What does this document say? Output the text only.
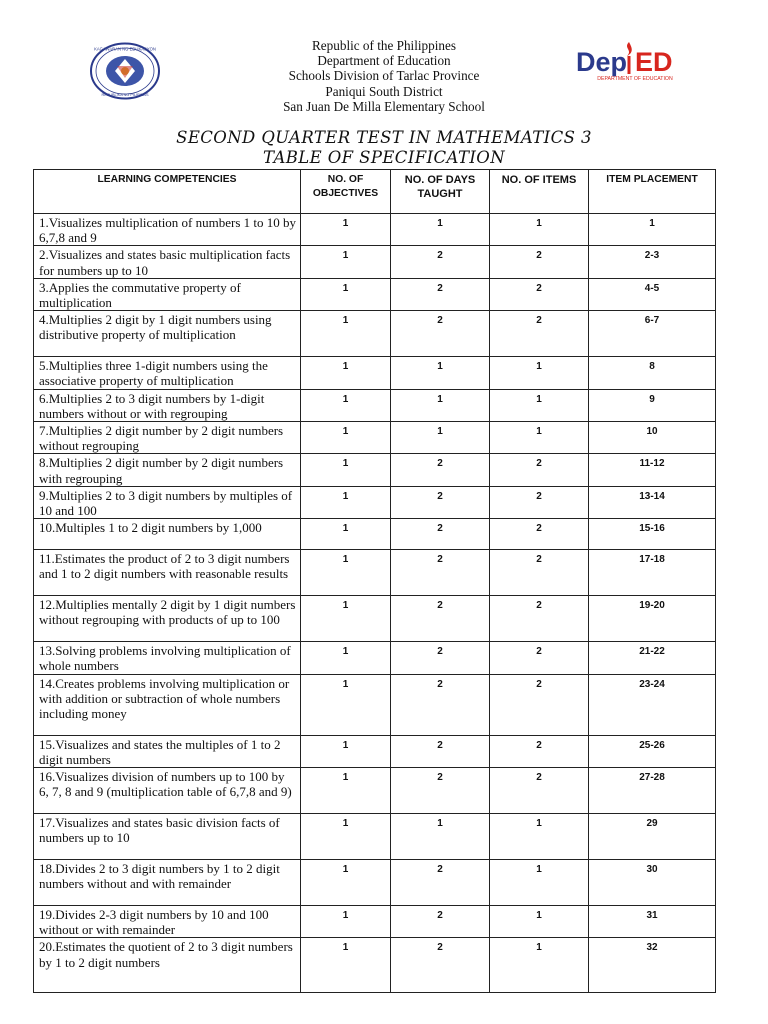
KAGAWARAN NG EDUKASYON
REPUBLIKA NG PILIPINAS
Dep ED
DEPARTMENT OF EDUCATION
Republic of the Philippines
Department of Education
Schools Division of Tarlac Province
Paniqui South District
San Juan De Milla Elementary School
SECOND QUARTER TEST IN MATHEMATICS 3
TABLE OF SPECIFICATION
LEARNING COMPETENCIES	NO. OF OBJECTIVES	NO. OF DAYS TAUGHT	NO. OF ITEMS	ITEM PLACEMENT
1.Visualizes multiplication of numbers 1 to 10 by 6,7,8 and 9	1	1	1	1
2.Visualizes and states basic multiplication facts for numbers up to 10	1	2	2	2-3
3.Applies the commutative property of multiplication	1	2	2	4-5
4.Multiplies 2 digit by 1 digit numbers using distributive property of multiplication	1	2	2	6-7
5.Multiplies three 1-digit numbers using the associative property of multiplication	1	1	1	8
6.Multiplies 2 to 3 digit numbers by 1-digit numbers without or with regrouping	1	1	1	9
7.Multiplies 2 digit number by 2 digit numbers without regrouping	1	1	1	10
8.Multiplies 2 digit number by 2 digit numbers with regrouping	1	2	2	11-12
9.Multiplies 2 to 3 digit numbers by multiples of 10 and 100	1	2	2	13-14
10.Multiples 1 to 2 digit numbers by 1,000	1	2	2	15-16
11.Estimates the product of 2 to 3 digit numbers and 1 to 2 digit numbers with reasonable results	1	2	2	17-18
12.Multiplies mentally 2 digit by 1 digit numbers without regrouping with products of up to 100	1	2	2	19-20
13.Solving problems involving multiplication of whole numbers	1	2	2	21-22
14.Creates problems involving multiplication or with addition or subtraction of whole numbers including money	1	2	2	23-24
15.Visualizes and states the multiples of 1 to 2 digit numbers	1	2	2	25-26
16.Visualizes division of numbers up to 100 by 6, 7, 8 and 9 (multiplication table of 6,7,8 and 9)	1	2	2	27-28
17.Visualizes and states basic division facts of numbers up to 10	1	1	1	29
18.Divides 2 to 3 digit numbers by 1 to 2 digit numbers without and with remainder	1	2	1	30
19.Divides 2-3 digit numbers by 10 and 100 without or with remainder	1	2	1	31
20.Estimates the quotient of 2 to 3 digit numbers by 1 to 2 digit numbers	1	2	1	32
